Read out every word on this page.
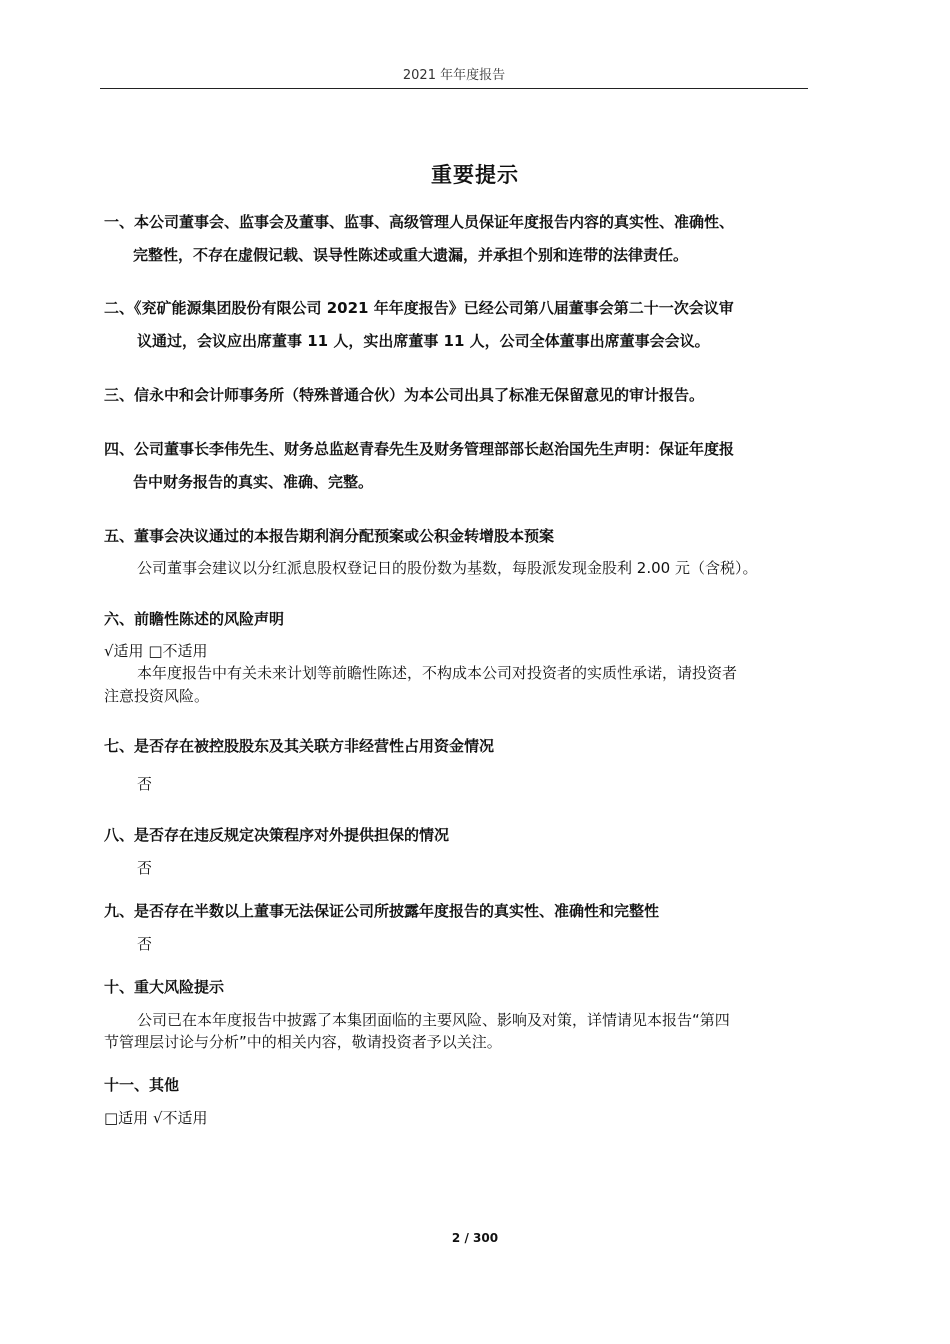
2021 年年度报告
重要提示
一、本公司董事会、监事会及董事、监事、高级管理人员保证年度报告内容的真实性、准确性、
完整性，不存在虚假记载、误导性陈述或重大遗漏，并承担个别和连带的法律责任。
二、《兖矿能源集团股份有限公司 2021 年年度报告》已经公司第八届董事会第二十一次会议审
议通过，会议应出席董事 11 人，实出席董事 11 人，公司全体董事出席董事会会议。
三、信永中和会计师事务所（特殊普通合伙）为本公司出具了标准无保留意见的审计报告。
四、公司董事长李伟先生、财务总监赵青春先生及财务管理部部长赵治国先生声明：保证年度报
告中财务报告的真实、准确、完整。
五、董事会决议通过的本报告期利润分配预案或公积金转增股本预案
公司董事会建议以分红派息股权登记日的股份数为基数，每股派发现金股利 2.00 元（含税）。
六、前瞻性陈述的风险声明
√适用 □不适用
本年度报告中有关未来计划等前瞻性陈述，不构成本公司对投资者的实质性承诺，请投资者
注意投资风险。
七、是否存在被控股股东及其关联方非经营性占用资金情况
否
八、是否存在违反规定决策程序对外提供担保的情况
否
九、是否存在半数以上董事无法保证公司所披露年度报告的真实性、准确性和完整性
否
十、重大风险提示
公司已在本年度报告中披露了本集团面临的主要风险、影响及对策，详情请见本报告“第四
节管理层讨论与分析”中的相关内容，敬请投资者予以关注。
十一、其他
□适用 √不适用
2 / 300
